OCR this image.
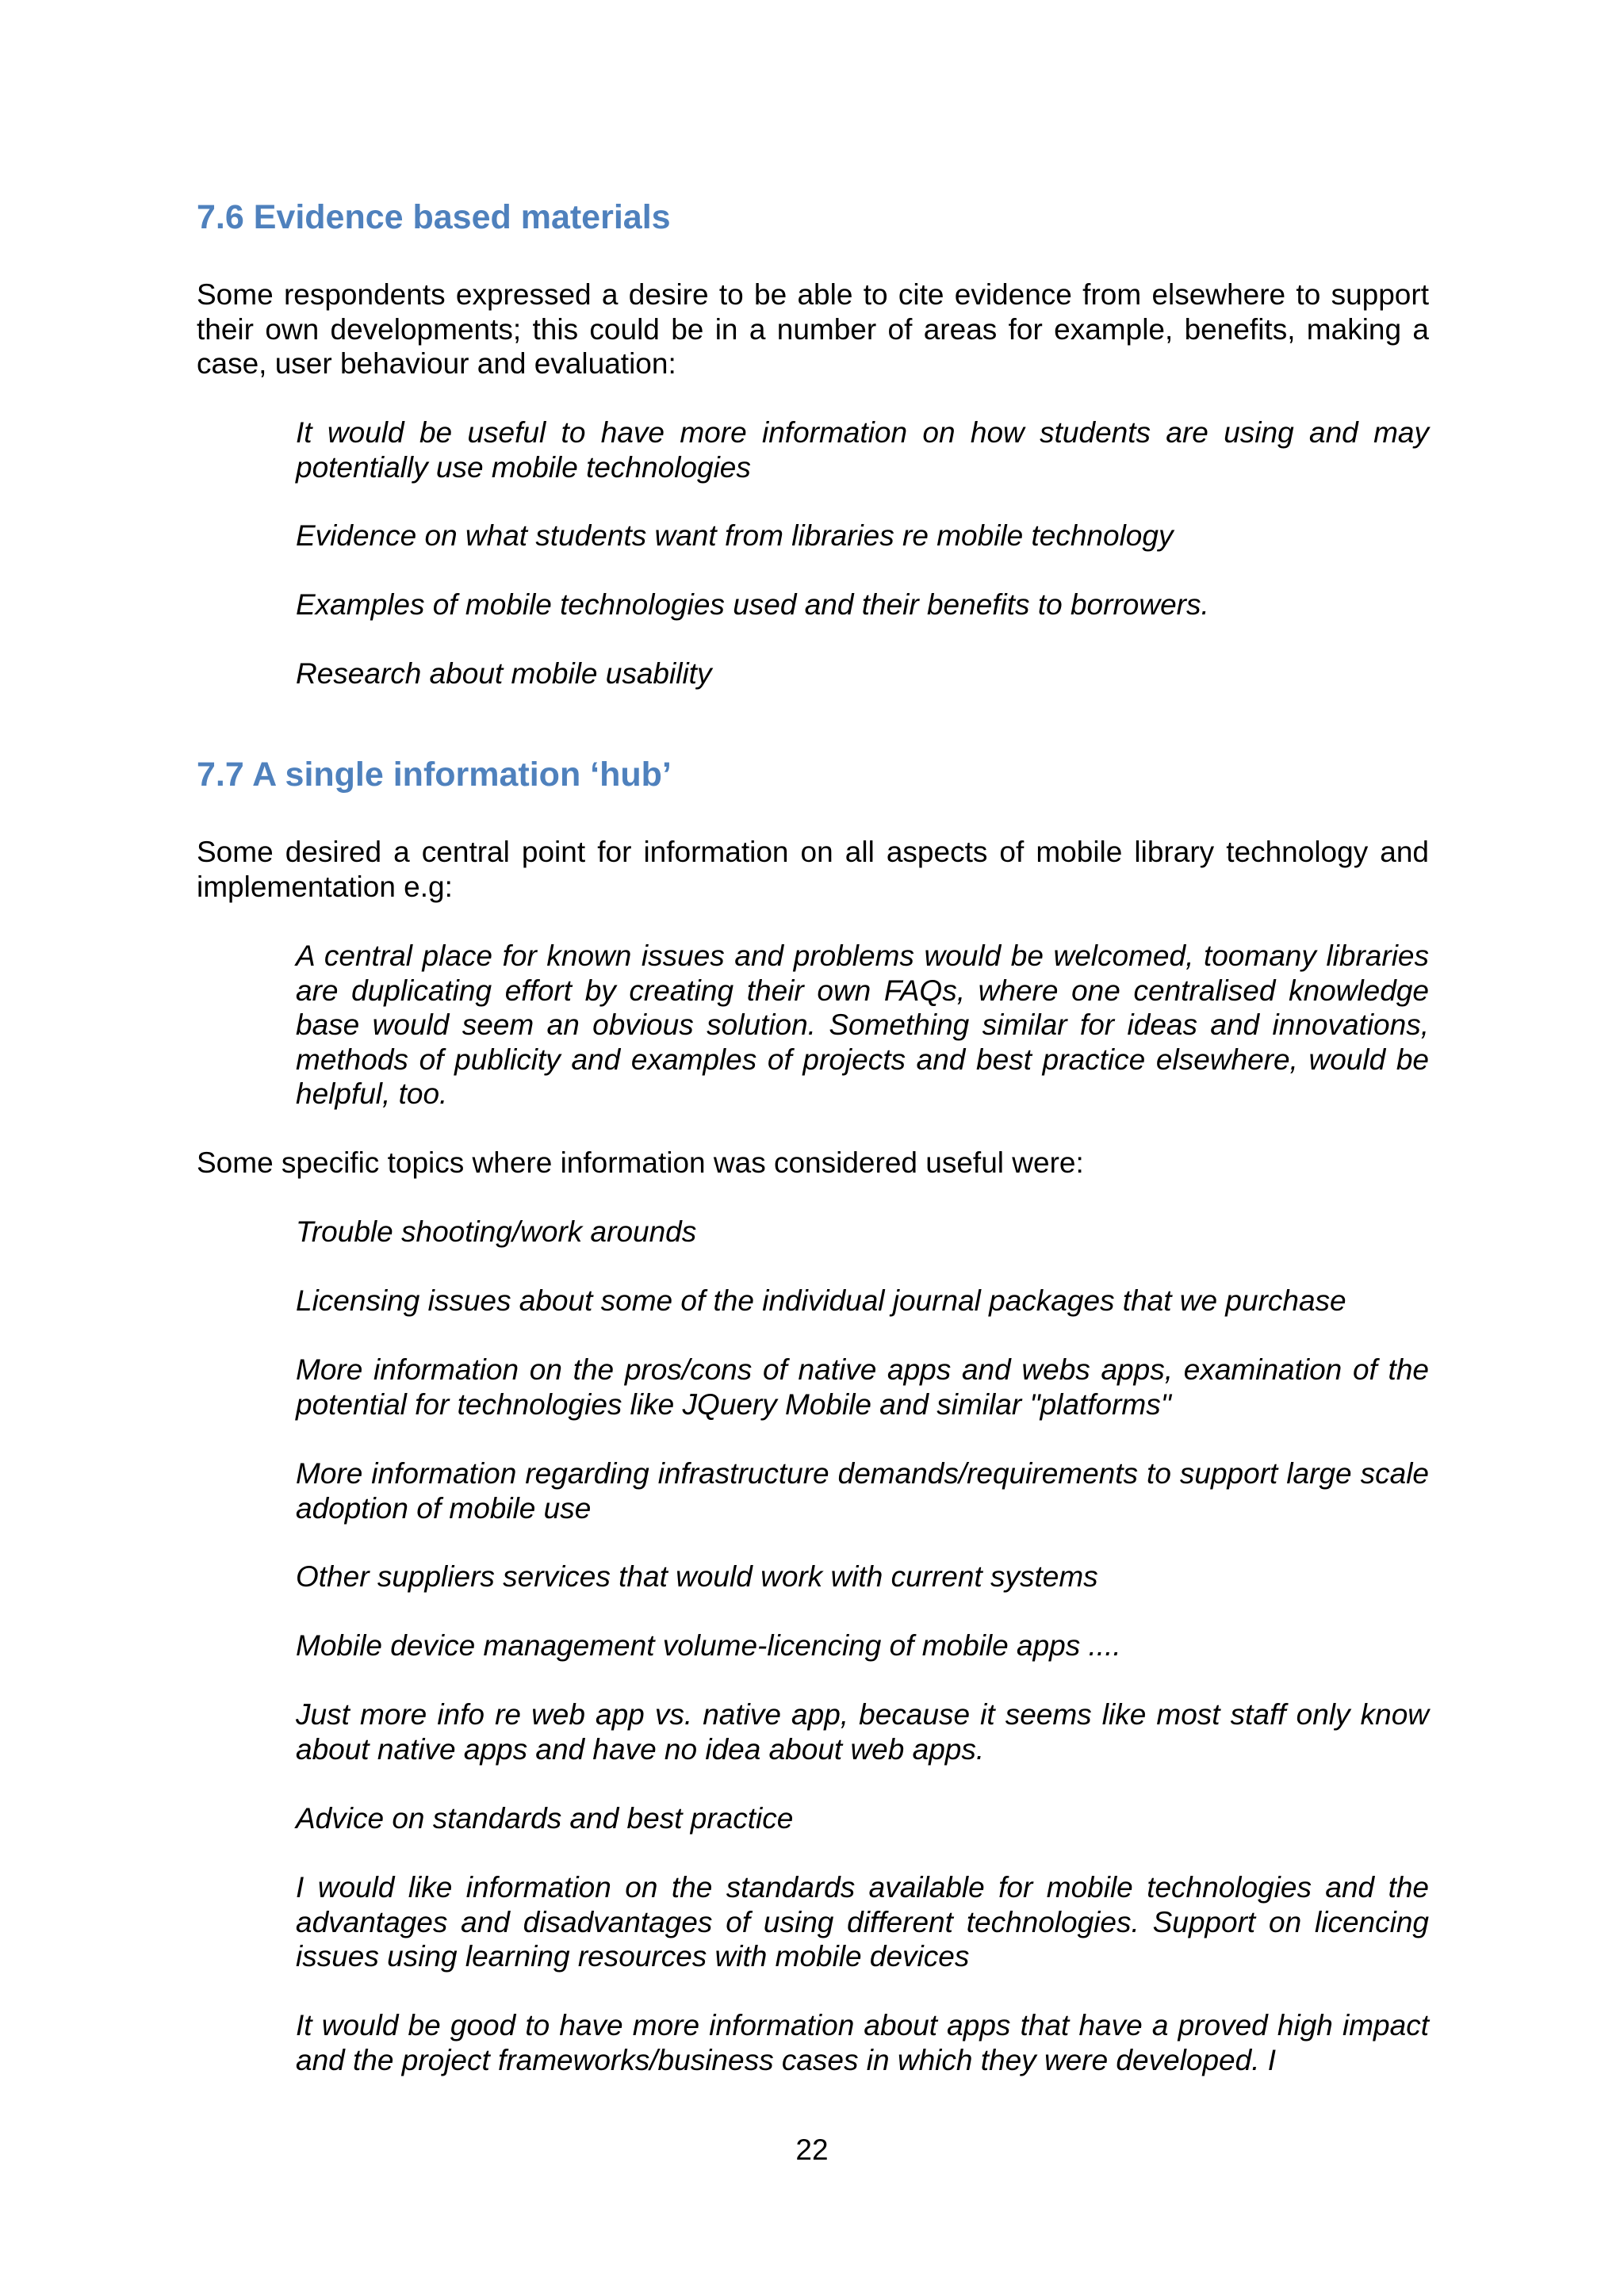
7.6 Evidence based materials

Some respondents expressed a desire to be able to cite evidence from elsewhere to support their own developments; this could be in a number of areas for example, benefits, making a case, user behaviour and evaluation:

It would be useful to have more information on how students are using and may potentially use mobile technologies

Evidence on what students want from libraries re mobile technology

Examples of mobile technologies used and their benefits to borrowers.

Research about mobile usability

7.7 A single information ‘hub’

Some desired a central point for information on all aspects of mobile library technology and implementation e.g:

A central place for known issues and problems would be welcomed, toomany libraries are duplicating effort by creating their own FAQs, where one centralised knowledge base would seem an obvious solution. Something similar for ideas and innovations, methods of publicity and examples of projects and best practice elsewhere, would be helpful, too.

Some specific topics where information was considered useful were:

Trouble shooting/work arounds

Licensing issues about some of the individual journal packages that we purchase

More information on the pros/cons of native apps and webs apps, examination of the potential for technologies like JQuery Mobile and similar "platforms"

More information regarding infrastructure demands/requirements to support large scale adoption of mobile use

Other suppliers services that would work with current systems

Mobile device management volume-licencing of mobile apps ....

Just more info re web app vs. native app, because it seems like most staff only know about native apps and have no idea about web apps.

Advice on standards and best practice

I would like information on the standards available for mobile technologies and the advantages and disadvantages of using different technologies. Support on licencing issues using learning resources with mobile devices

It would be good to have more information about apps that have a proved high impact and the project frameworks/business cases in which they were developed. I

22
